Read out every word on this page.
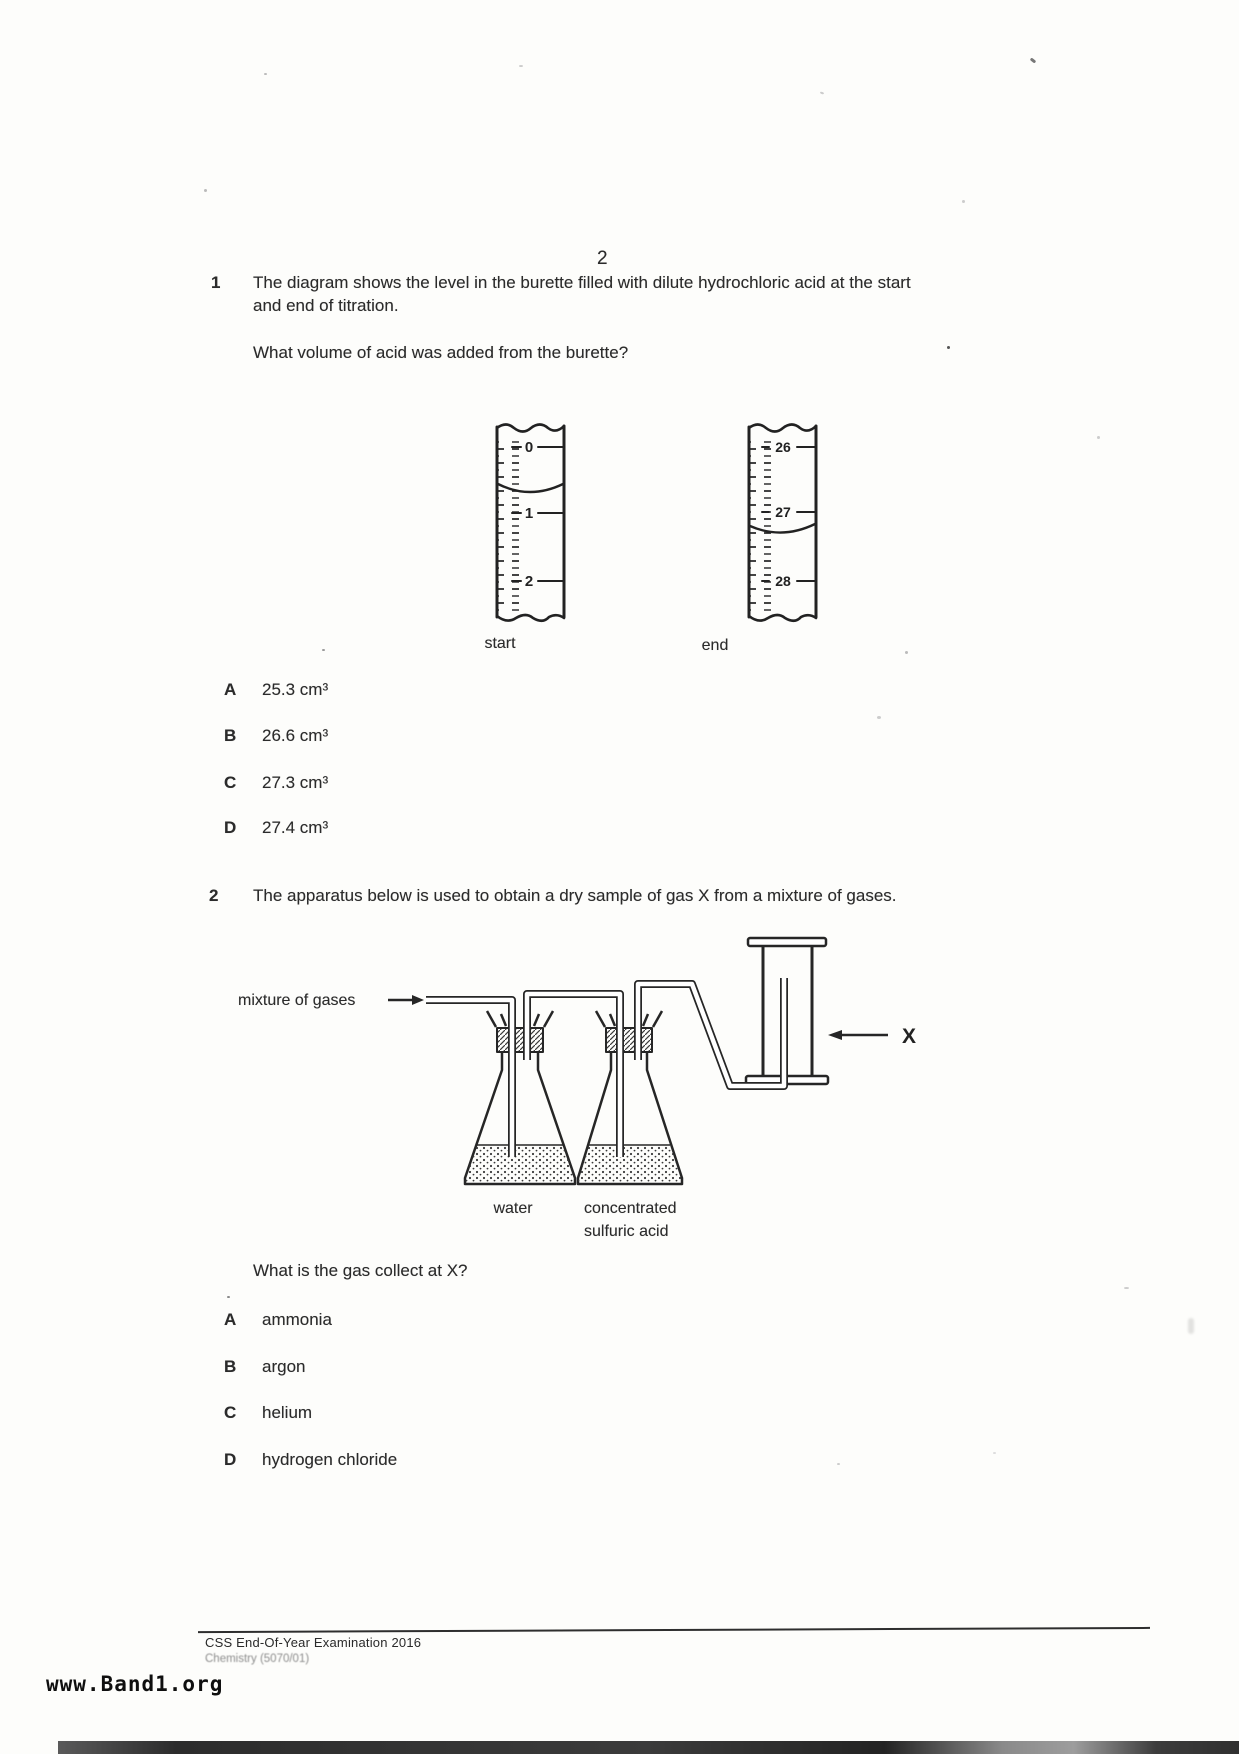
2
1 The diagram shows the level in the burette filled with dilute hydrochloric acid at the start
and end of titration.
What volume of acid was added from the burette?
0
1
2
26
27
28
start	end
A	25.3 cm³
B	26.6 cm³
C	27.3 cm³
D	27.4 cm³
2 The apparatus below is used to obtain a dry sample of gas X from a mixture of gases.
X
mixture of gases
water	concentrated
sulfuric acid
What is the gas collect at X?
A	ammonia
B	argon
C	helium
D	hydrogen chloride
CSS End-Of-Year Examination 2016
Chemistry (5070/01)
www.Band1.org
